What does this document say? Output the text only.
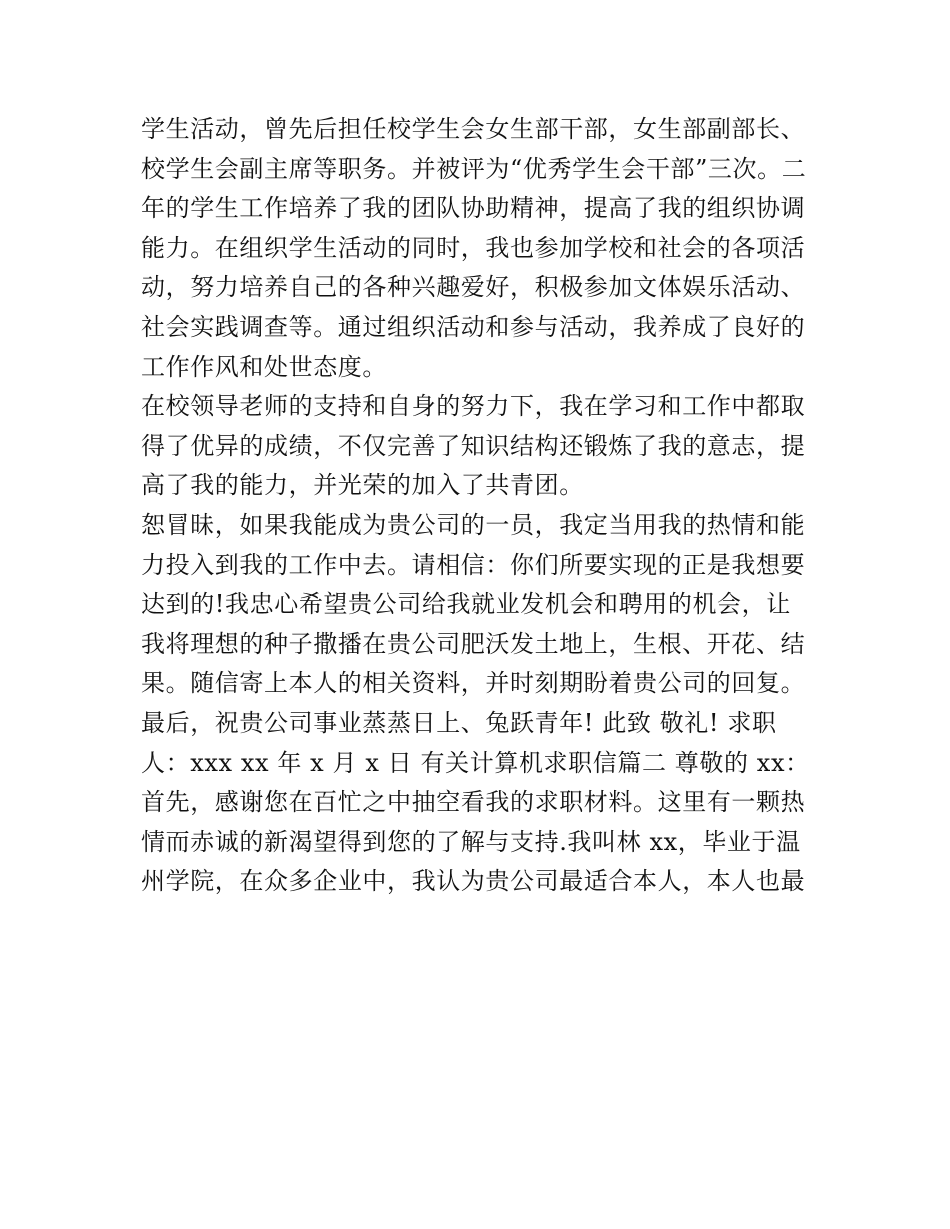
学生活动，曾先后担任校学生会女生部干部，女生部副部长、
校学生会副主席等职务。并被评为“优秀学生会干部”三次。二
年的学生工作培养了我的团队协助精神，提高了我的组织协调
能力。在组织学生活动的同时，我也参加学校和社会的各项活
动，努力培养自己的各种兴趣爱好，积极参加文体娱乐活动、
社会实践调查等。通过组织活动和参与活动，我养成了良好的
工作作风和处世态度。
在校领导老师的支持和自身的努力下，我在学习和工作中都取
得了优异的成绩，不仅完善了知识结构还锻炼了我的意志，提
高了我的能力，并光荣的加入了共青团。
恕冒昧，如果我能成为贵公司的一员，我定当用我的热情和能
力投入到我的工作中去。请相信：你们所要实现的正是我想要
达到的!我忠心希望贵公司给我就业发机会和聘用的机会，让
我将理想的种子撒播在贵公司肥沃发土地上，生根、开花、结
果。随信寄上本人的相关资料，并时刻期盼着贵公司的回复。
最后，祝贵公司事业蒸蒸日上、兔跃青年! 此致 敬礼! 求职
人：xxx xx 年 x 月 x 日 有关计算机求职信篇二 尊敬的 xx：
首先，感谢您在百忙之中抽空看我的求职材料。这里有一颗热
情而赤诚的新渴望得到您的了解与支持.我叫林 xx，毕业于温
州学院，在众多企业中，我认为贵公司最适合本人，本人也最
